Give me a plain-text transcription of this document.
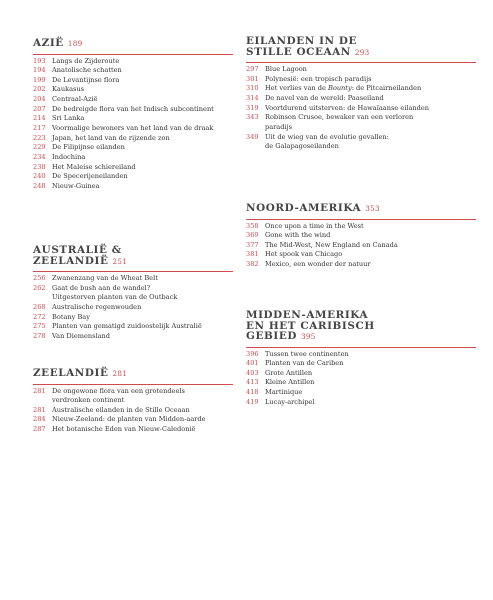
AZIË 189
193 Langs de Zijderoute
194 Anatolische schatten
199 De Levantijnse flora
202 Kaukasus
204 Centraal-Azië
207 De bedreigde flora van het Indisch subcontinent
214 Sri Lanka
217 Voormalige bewoners van het land van de draak
223 Japan, het land van de rijzende zon
229 De Filipijnse eilanden
234 Indochina
238 Het Maleise schiereiland
240 De Specerijeneilanden
248 Nieuw-Guinea
AUSTRALIË &
ZEELANDIË 251
256 Zwanenzang van de Wheat Belt
262 Gaat de bush aan de wandel?
Uitgestorven planten van de Outback
268 Australische regenwouden
272 Botany Bay
275 Planten van gematigd zuidoostelijk Australië
278 Van Diemensland
ZEELANDIË 281
281 De ongewone flora van een grotendeels
verdronken continent
281 Australische eilanden in de Stille Oceaan
284 Nieuw-Zeeland: de planten van Midden-aarde
287 Het botanische Eden van Nieuw-Caledonië
EILANDEN IN DE
STILLE OCEAAN 293
297 Blue Lagoon
301 Polynesië: een tropisch paradijs
310 Het verlies van de Bounty: de Pitcairneilanden
314 De navel van de wereld: Paaseiland
319 Voortdurend uitsterven: de Hawaïaanse eilanden
343 Robinson Crusoe, bewaker van een verloren
paradijs
349 Uit de wieg van de evolutie gevallen:
de Galapagoseilanden
NOORD-AMERIKA 353
358 Once upon a time in the West
369 Gone with the wind
377 The Mid-West, New England en Canada
381 Het spook van Chicago
382 Mexico, een wonder der natuur
MIDDEN-AMERIKA
EN HET CARIBISCH
GEBIED 395
396 Tussen twee continenten
401 Planten van de Cariben
403 Grote Antillen
413 Kleine Antillen
418 Martinique
419 Lucay-archipel
